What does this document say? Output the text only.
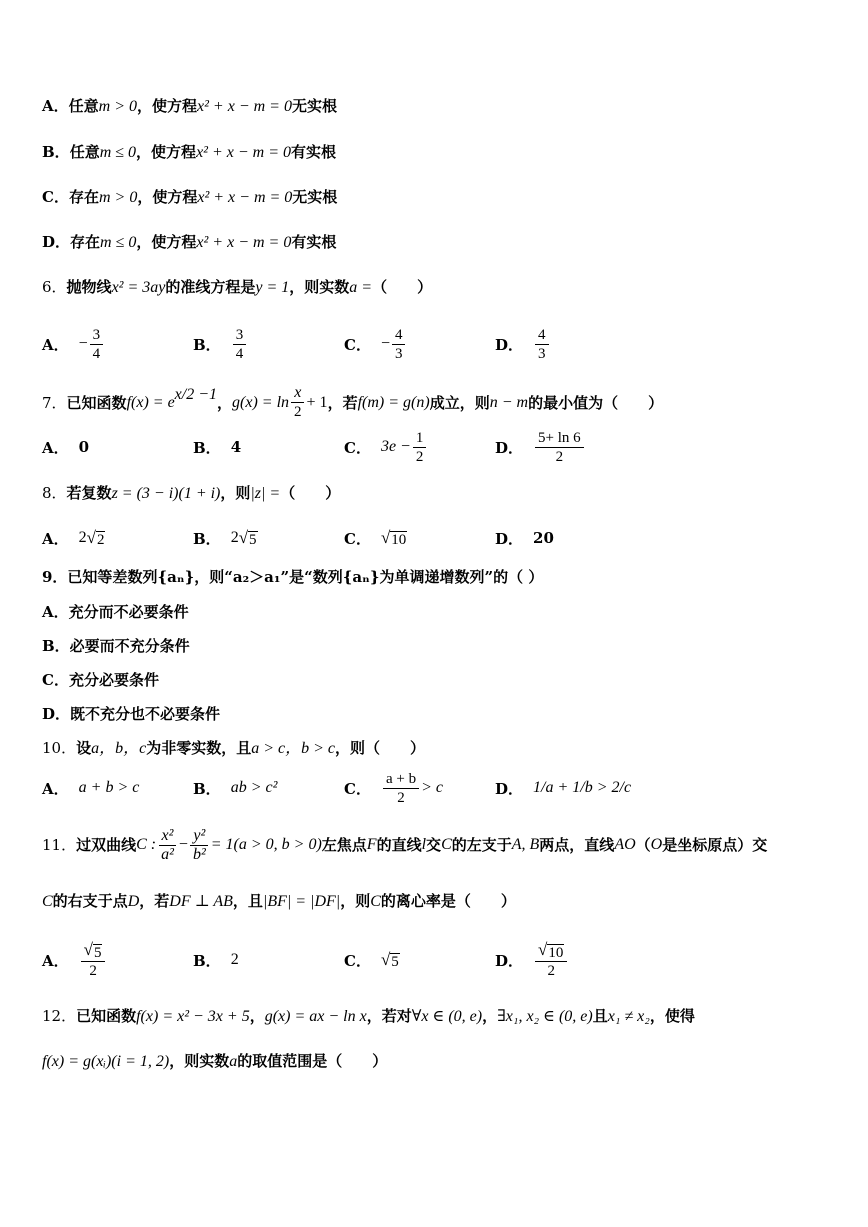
A．任意m > 0，使方程x² + x − m = 0无实根
B．任意m ≤ 0，使方程x² + x − m = 0有实根
C．存在m > 0，使方程x² + x − m = 0无实根
D．存在m ≤ 0，使方程x² + x − m = 0有实根
6．抛物线x² = 3ay的准线方程是y = 1，则实数a =（　　）
A． − $\frac{3}{4}$	B． $\frac{3}{4}$	C． − $\frac{4}{3}$	D． $\frac{4}{3}$
7． 已知函数 $f(x) = e^{x/2 -1}$ ， $g(x) = \ln \frac{x}{2} + 1$ ，若 f(m) = g(n) 成立，则 n − m 的最小值为（　　）
A． 0	B． 4	C． $3e - \frac{1}{2}$	D． $\frac{5+ \ln 6}{2}$
8．若复数z = (3 − i)(1 + i)，则|z| =（　　）
A． 2 √ 2	B． 2 √ 5	C． √ 10	D． 20
9．已知等差数列{aₙ}，则“a₂＞a₁”是“数列{aₙ}为单调递增数列”的（ ）
A．充分而不必要条件
B．必要而不充分条件
C．充分必要条件
D．既不充分也不必要条件
10．设a，b，c为非零实数，且a > c，b > c，则（　　）
A． a + b > c	B． ab > c²	C． $\frac{a + b}{2} > c$	D． 1/a + 1/b > 2/c
11． 过双曲线 C : $\frac{\text{x²}}{\text{a²}} - \frac{\text{y²}}{\text{b²}} = 1(a > 0$, b > 0) 左焦点 F 的直线 l 交 C 的左支于 A, B 两点，直线 AO （ O 是坐标原点）交
C的右支于点D，若DF ⊥ AB，且|BF| = |DF|，则C的离心率是（　　）
A． $\frac{√ 5}{2}$	B． 2	C． √ 5	D． $\frac{√ 10}{2}$
12．已知函数f(x) = x² − 3x + 5，g(x) = ax − ln x，若对∀x ∈ (0, e)，∃x₁, x₂ ∈ (0, e)且x₁ ≠ x₂，使得
f(x) = g(xᵢ)(i = 1, 2)，则实数a的取值范围是（　　）
